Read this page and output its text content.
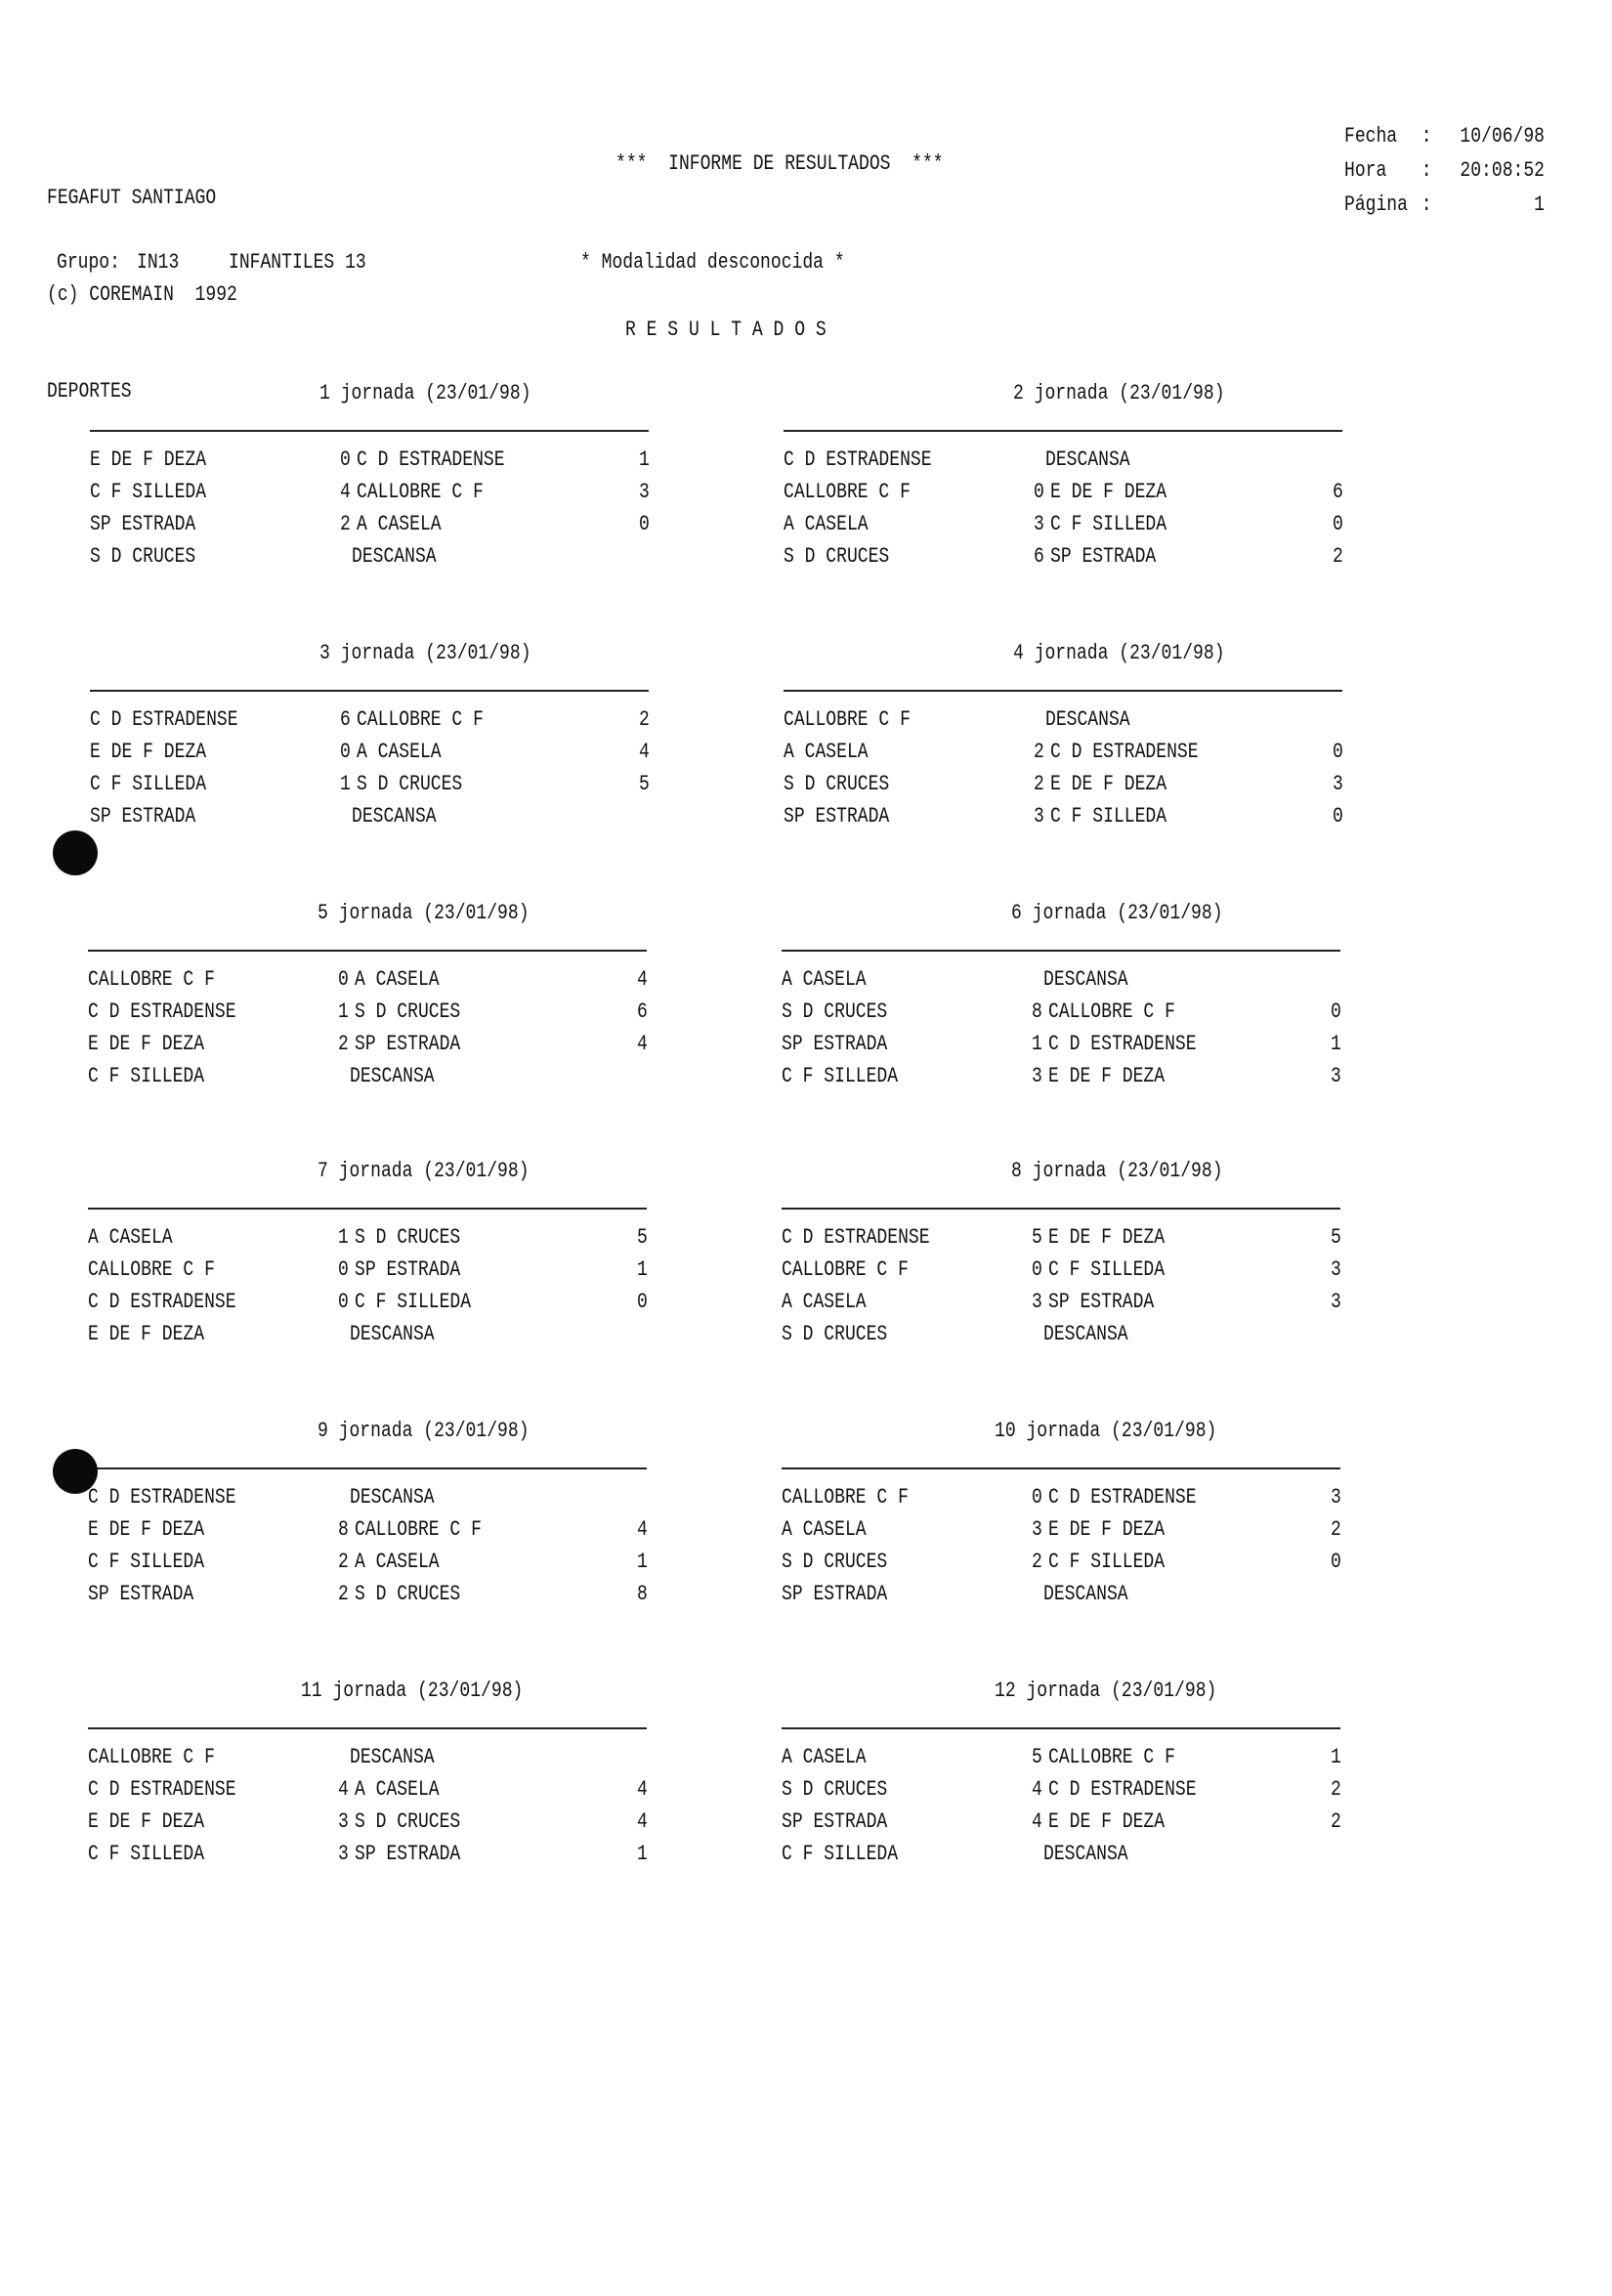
FEGAFUT SANTIAGO

(c) COREMAIN  1992

DEPORTES

***  INFORME DE RESULTADOS  ***
Fecha	:	10/06/98
Hora	:	20:08:52
Página :	1
Grupo: IN13 INFANTILES 13	* Modalidad desconocida *
R E S U L T A D O S
1 jornada (23/01/98)
E DE F DEZA	0 C D ESTRADENSE	1
C F SILLEDA	4 CALLOBRE C F	3
SP ESTRADA	2 A CASELA	0
S D CRUCES	DESCANSA
2 jornada (23/01/98)
C D ESTRADENSE	DESCANSA
CALLOBRE C F	0 E DE F DEZA	6
A CASELA	3 C F SILLEDA	0
S D CRUCES	6 SP ESTRADA	2
3 jornada (23/01/98)
C D ESTRADENSE	6 CALLOBRE C F	2
E DE F DEZA	0 A CASELA	4
C F SILLEDA	1 S D CRUCES	5
SP ESTRADA	DESCANSA
4 jornada (23/01/98)
CALLOBRE C F	DESCANSA
A CASELA	2 C D ESTRADENSE	0
S D CRUCES	2 E DE F DEZA	3
SP ESTRADA	3 C F SILLEDA	0
5 jornada (23/01/98)
CALLOBRE C F	0 A CASELA	4
C D ESTRADENSE	1 S D CRUCES	6
E DE F DEZA	2 SP ESTRADA	4
C F SILLEDA	DESCANSA
6 jornada (23/01/98)
A CASELA	DESCANSA
S D CRUCES	8 CALLOBRE C F	0
SP ESTRADA	1 C D ESTRADENSE	1
C F SILLEDA	3 E DE F DEZA	3
7 jornada (23/01/98)
A CASELA	1 S D CRUCES	5
CALLOBRE C F	0 SP ESTRADA	1
C D ESTRADENSE	0 C F SILLEDA	0
E DE F DEZA	DESCANSA
8 jornada (23/01/98)
C D ESTRADENSE	5 E DE F DEZA	5
CALLOBRE C F	0 C F SILLEDA	3
A CASELA	3 SP ESTRADA	3
S D CRUCES	DESCANSA
9 jornada (23/01/98)
C D ESTRADENSE	DESCANSA
E DE F DEZA	8 CALLOBRE C F	4
C F SILLEDA	2 A CASELA	1
SP ESTRADA	2 S D CRUCES	8
10 jornada (23/01/98)
CALLOBRE C F	0 C D ESTRADENSE	3
A CASELA	3 E DE F DEZA	2
S D CRUCES	2 C F SILLEDA	0
SP ESTRADA	DESCANSA
11 jornada (23/01/98)
CALLOBRE C F	DESCANSA
C D ESTRADENSE	4 A CASELA	4
E DE F DEZA	3 S D CRUCES	4
C F SILLEDA	3 SP ESTRADA	1
12 jornada (23/01/98)
A CASELA	5 CALLOBRE C F	1
S D CRUCES	4 C D ESTRADENSE	2
SP ESTRADA	4 E DE F DEZA	2
C F SILLEDA	DESCANSA
